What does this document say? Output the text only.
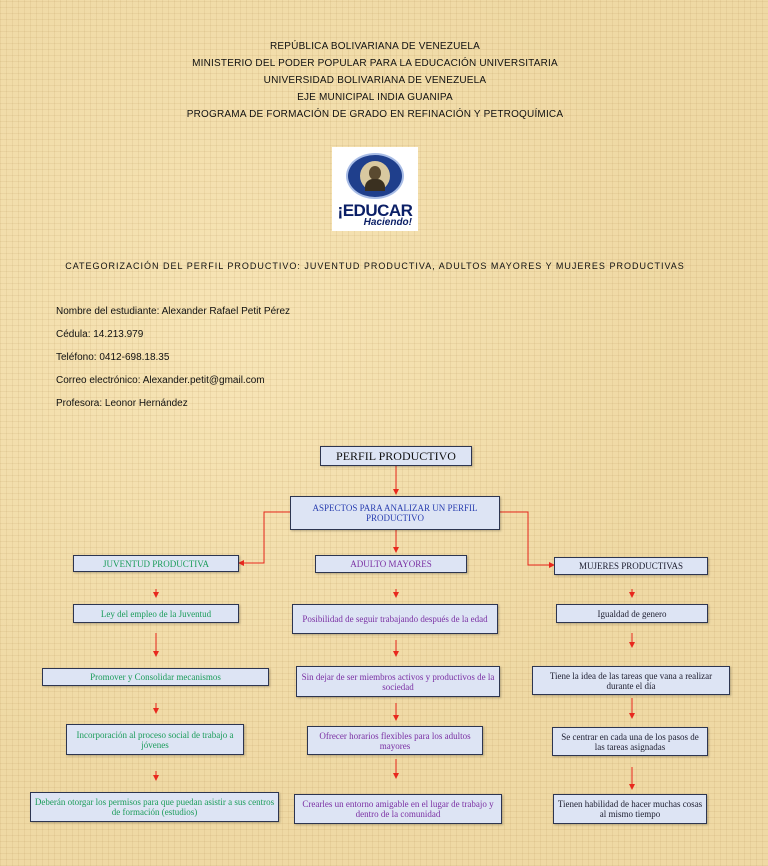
REPÚBLICA BOLIVARIANA DE VENEZUELA
MINISTERIO DEL PODER POPULAR PARA LA EDUCACIÓN UNIVERSITARIA
UNIVERSIDAD BOLIVARIANA DE VENEZUELA
EJE MUNICIPAL INDIA GUANIPA
PROGRAMA DE FORMACIÓN DE GRADO EN REFINACIÓN Y PETROQUÍMICA
¡EDUCAR
Haciendo!
CATEGORIZACIÓN DEL PERFIL PRODUCTIVO: JUVENTUD PRODUCTIVA, ADULTOS MAYORES Y MUJERES PRODUCTIVAS
Nombre del estudiante: Alexander Rafael Petit Pérez
Cédula: 14.213.979
Teléfono: 0412-698.18.35
Correo electrónico: Alexander.petit@gmail.com
Profesora: Leonor Hernández
PERFIL PRODUCTIVO
ASPECTOS PARA ANALIZAR UN PERFIL PRODUCTIVO
JUVENTUD PRODUCTIVA
Ley del empleo de la Juventud
Promover y Consolidar mecanismos
Incorporación al proceso social de trabajo a jóvenes
Deberán otorgar los permisos para que puedan asistir a sus centros de formación (estudios)
ADULTO MAYORES
Posibilidad de seguir trabajando después de la edad
Sin dejar de ser miembros activos y productivos de la sociedad
Ofrecer horarios flexibles para los adultos mayores
Crearles un entorno amigable en el lugar de trabajo y dentro de la comunidad
MUJERES PRODUCTIVAS
Igualdad de genero
Tiene la idea de las tareas que vana a realizar durante el día
Se centrar en cada una de los pasos de las tareas asignadas
Tienen habilidad de hacer muchas cosas al mismo tiempo
